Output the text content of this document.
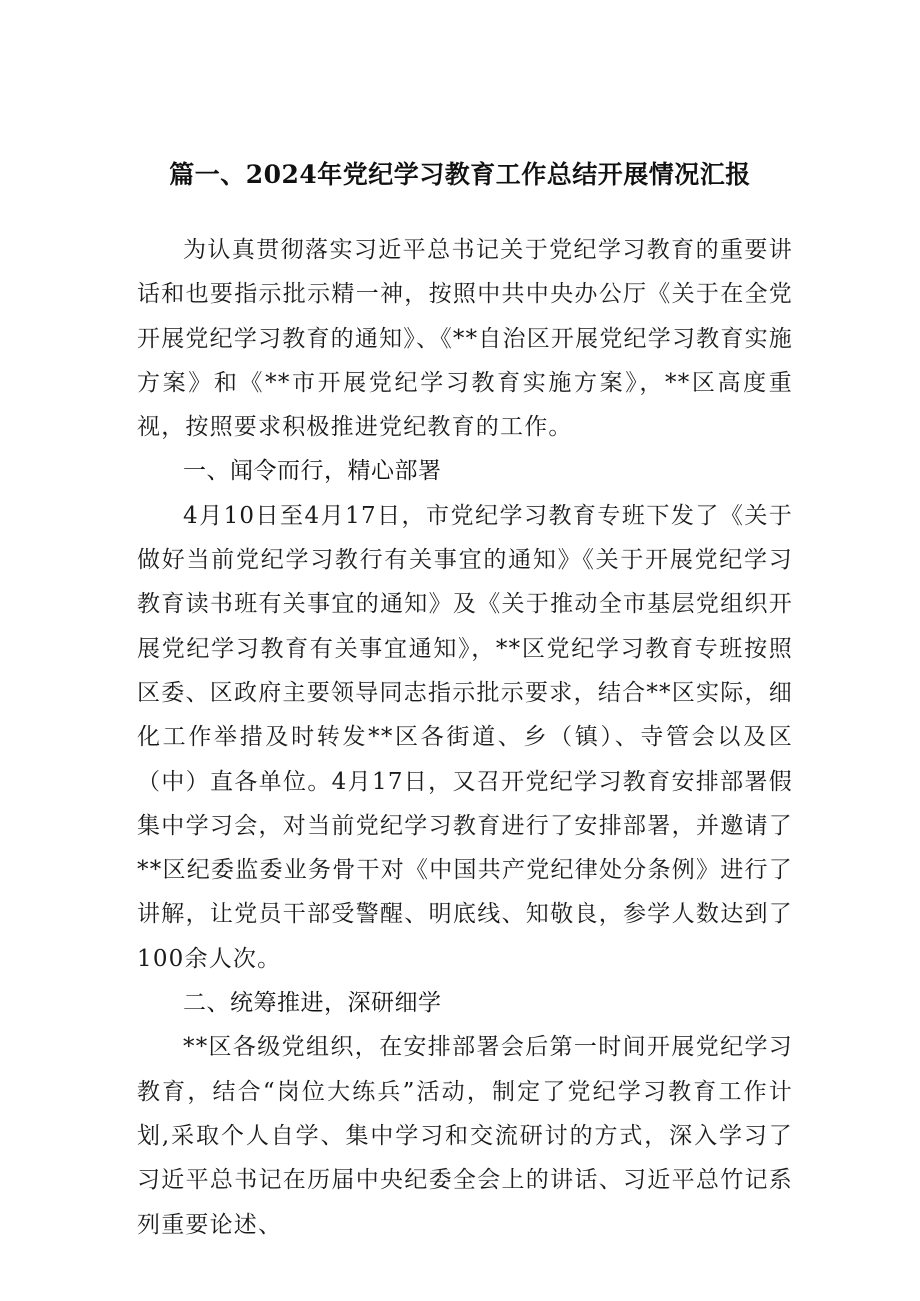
篇一、2024年党纪学习教育工作总结开展情况汇报

为认真贯彻落实习近平总书记关于党纪学习教育的重要讲话和也要指示批示精一神，按照中共中央办公厅《关于在全党开展党纪学习教育的通知》、《**自治区开展党纪学习教育实施方案》和《**市开展党纪学习教育实施方案》，**区高度重视，按照要求积极推进党纪教育的工作。

一、闻令而行，精心部署

4月10日至4月17日，市党纪学习教育专班下发了《关于做好当前党纪学习教行有关事宜的通知》《关于开展党纪学习教育读书班有关事宜的通知》及《关于推动全市基层党组织开展党纪学习教育有关事宜通知》，**区党纪学习教育专班按照区委、区政府主要领导同志指示批示要求，结合**区实际，细化工作举措及时转发**区各街道、乡（镇）、寺管会以及区（中）直各单位。4月17日，又召开党纪学习教育安排部署假集中学习会，对当前党纪学习教育进行了安排部署，并邀请了**区纪委监委业务骨干对《中国共产党纪律处分条例》进行了讲解，让党员干部受警醒、明底线、知敬良，参学人数达到了100余人次。

二、统筹推进，深研细学

**区各级党组织，在安排部署会后第一时间开展党纪学习教育，结合“岗位大练兵”活动，制定了党纪学习教育工作计划,采取个人自学、集中学习和交流研讨的方式，深入学习了习近平总书记在历届中央纪委全会上的讲话、习近平总竹记系列重要论述、
